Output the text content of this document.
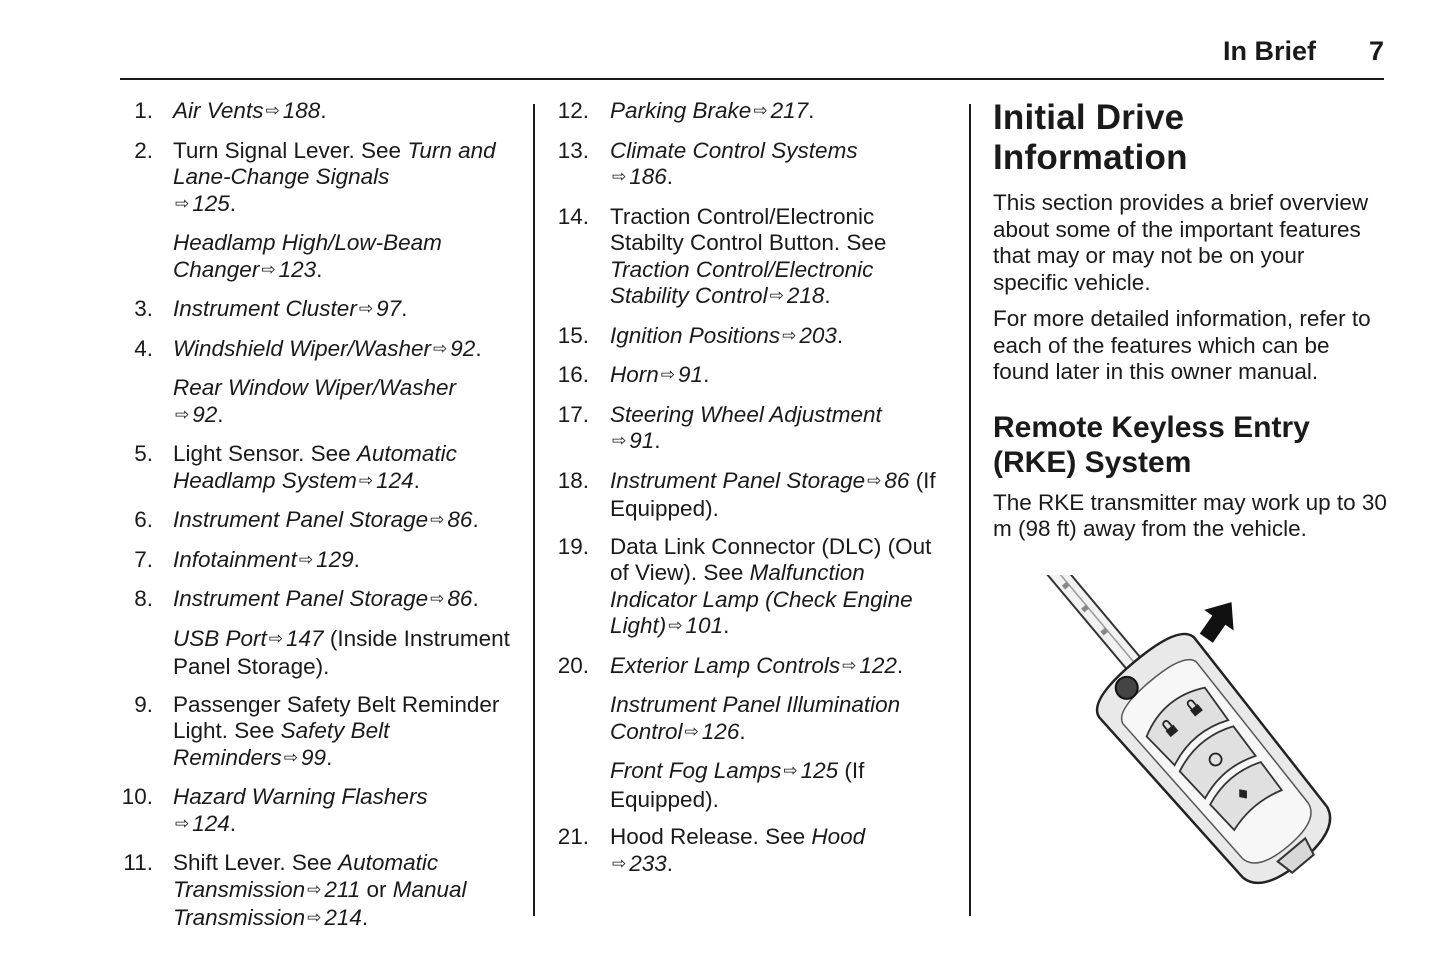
In Brief 7
1. Air Vents ⇨ 188.
2. Turn Signal Lever. See Turn and Lane-Change Signals
⇨ 125.
Headlamp High/Low-Beam Changer ⇨ 123.
3. Instrument Cluster ⇨ 97.
4. Windshield Wiper/Washer ⇨ 92.
Rear Window Wiper/Washer
⇨ 92.
5. Light Sensor. See Automatic Headlamp System ⇨ 124.
6. Instrument Panel Storage ⇨ 86.
7. Infotainment ⇨ 129.
8. Instrument Panel Storage ⇨ 86.
USB Port ⇨ 147 (Inside Instrument Panel Storage).
9. Passenger Safety Belt Reminder Light. See Safety Belt Reminders ⇨ 99.
10. Hazard Warning Flashers
⇨ 124.
11. Shift Lever. See Automatic Transmission ⇨ 211 or Manual Transmission ⇨ 214.
12. Parking Brake ⇨ 217.
13. Climate Control Systems
⇨ 186.
14. Traction Control/Electronic Stabilty Control Button. See Traction Control/Electronic Stability Control ⇨ 218.
15. Ignition Positions ⇨ 203.
16. Horn ⇨ 91.
17. Steering Wheel Adjustment
⇨ 91.
18. Instrument Panel Storage ⇨ 86 (If Equipped).
19. Data Link Connector (DLC) (Out of View). See Malfunction Indicator Lamp (Check Engine Light) ⇨ 101.
20. Exterior Lamp Controls ⇨ 122.
Instrument Panel Illumination Control ⇨ 126.
Front Fog Lamps ⇨ 125 (If Equipped).
21. Hood Release. See Hood
⇨ 233.
Initial Drive Information
This section provides a brief overview about some of the important features that may or may not be on your specific vehicle.
For more detailed information, refer to each of the features which can be found later in this owner manual.
Remote Keyless Entry (RKE) System
The RKE transmitter may work up to 30 m (98 ft) away from the vehicle.
